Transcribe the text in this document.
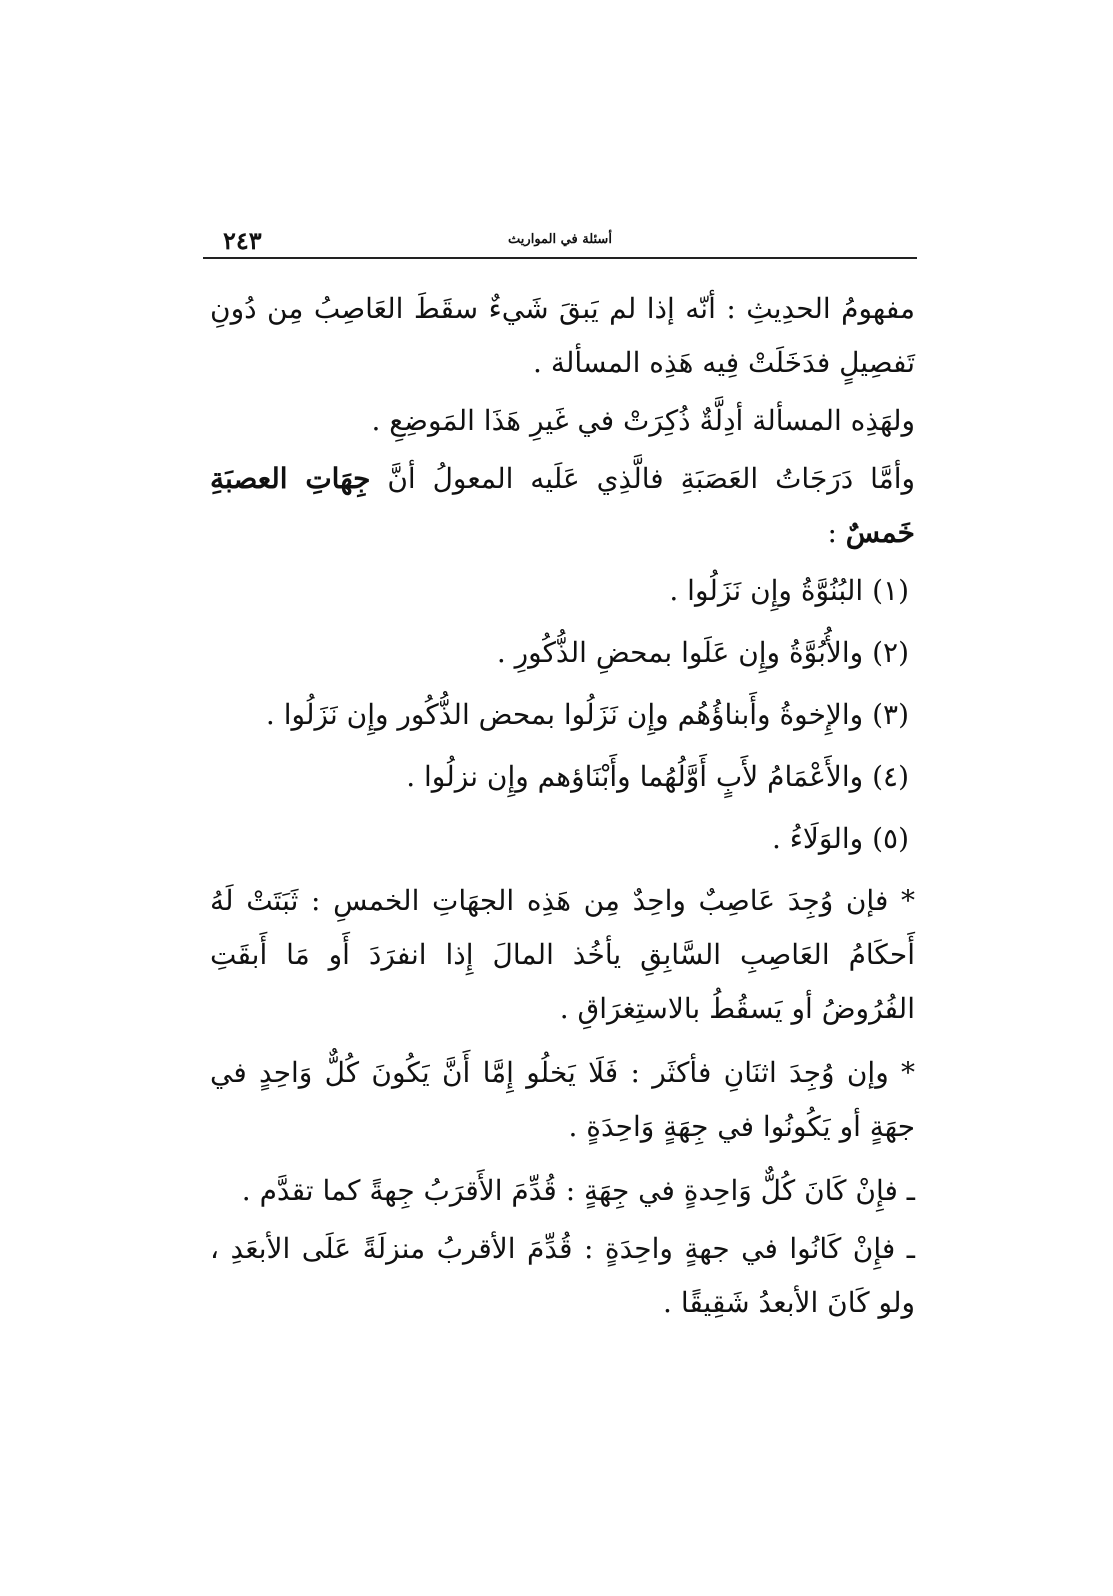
٢٤٣	أسئلة في المواريث

مفهومُ الحدِيثِ : أنّه إذا لم يَبقَ شَيءٌ سقَطَ العَاصِبُ مِن دُونِ تَفصِيلٍ فدَخَلَتْ فِيه هَذِه المسألة .

ولهَذِه المسألة أدِلَّةٌ ذُكِرَتْ في غَيرِ هَذَا المَوضِعِ .

وأمَّا دَرَجَاتُ العَصَبَةِ فالَّذِي عَلَيه المعولُ أنَّ جِهَاتِ العصبَةِ خَمسٌ :

(١) البُنُوَّةُ وإِن نَزَلُوا .
(٢) والأُبُوَّةُ وإِن عَلَوا بمحضِ الذُّكُورِ .
(٣) والإِخوةُ وأَبناؤُهُم وإِن نَزَلُوا بمحض الذُّكُور وإِن نَزَلُوا .
(٤) والأَعْمَامُ لأَبٍ أَوَّلُهُما وأَبْنَاؤهم وإِن نزلُوا .
(٥) والوَلَاءُ .

* فإن وُجِدَ عَاصِبٌ واحِدٌ مِن هَذِه الجهَاتِ الخمسِ : ثَبَتَتْ لَهُ أَحكَامُ العَاصِبِ السَّابِقِ يأخُذ المالَ إِذا انفرَدَ أَو مَا أَبقَتِ الفُرُوضُ أو يَسقُطُ بالاستِغرَاقِ .

* وإن وُجِدَ اثنَانِ فأكثَر : فَلَا يَخلُو إِمَّا أَنَّ يَكُونَ كُلٌّ وَاحِدٍ في جهَةٍ أو يَكُونُوا في جِهَةٍ وَاحِدَةٍ .

ـ فإِنْ كَانَ كُلٌّ وَاحِدةٍ في جِهَةٍ : قُدِّمَ الأَقرَبُ جِهةً كما تقدَّم .

ـ فإِنْ كَانُوا في جهةٍ واحِدَةٍ : قُدِّمَ الأقربُ منزلَةً عَلَى الأبعَدِ ، ولو كَانَ الأبعدُ شَقِيقًا .
